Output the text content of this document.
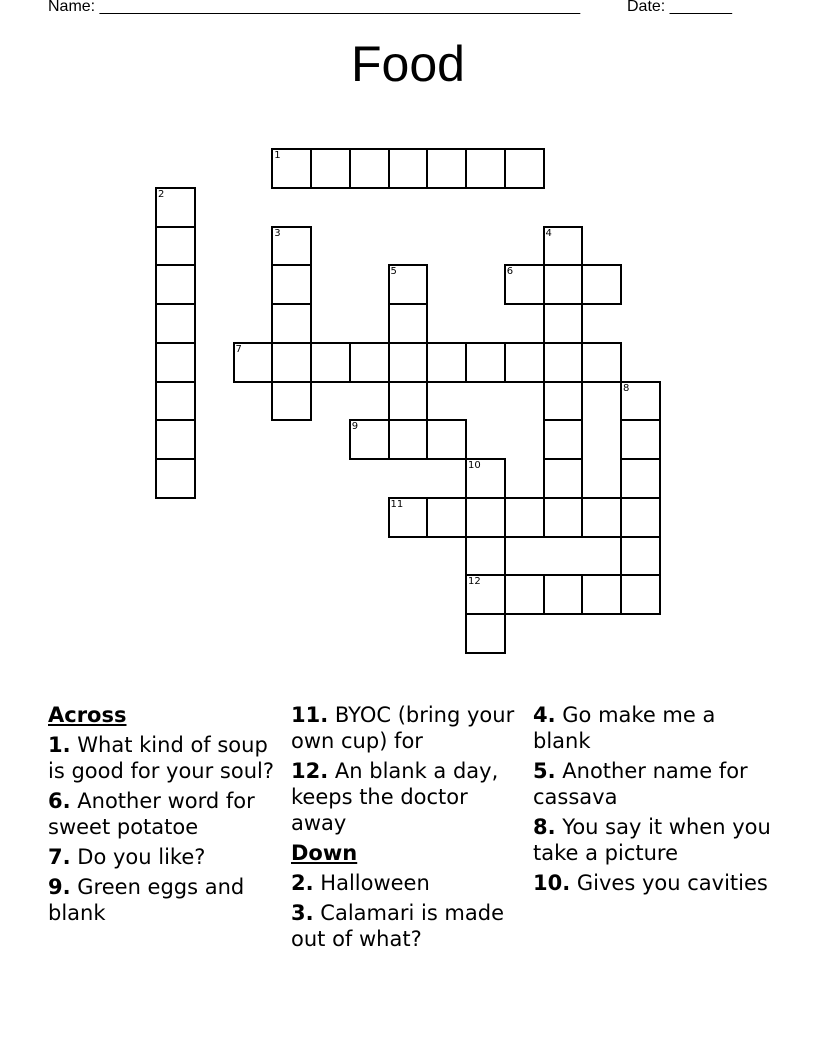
Name: ______________________________________________________	Date: _______
Food
1
2
3	4
5	6
7
8
9
10
12
11
Across
1. What kind of soup is good for your soul?
6. Another word for sweet potatoe
7. Do you like?
9. Green eggs and blank
11. BYOC (bring your own cup) for
12. An blank a day, keeps the doctor away
Down
2. Halloween
3. Calamari is made out of what?
4. Go make me a blank
5. Another name for cassava
8. You say it when you take a picture
10. Gives you cavities
